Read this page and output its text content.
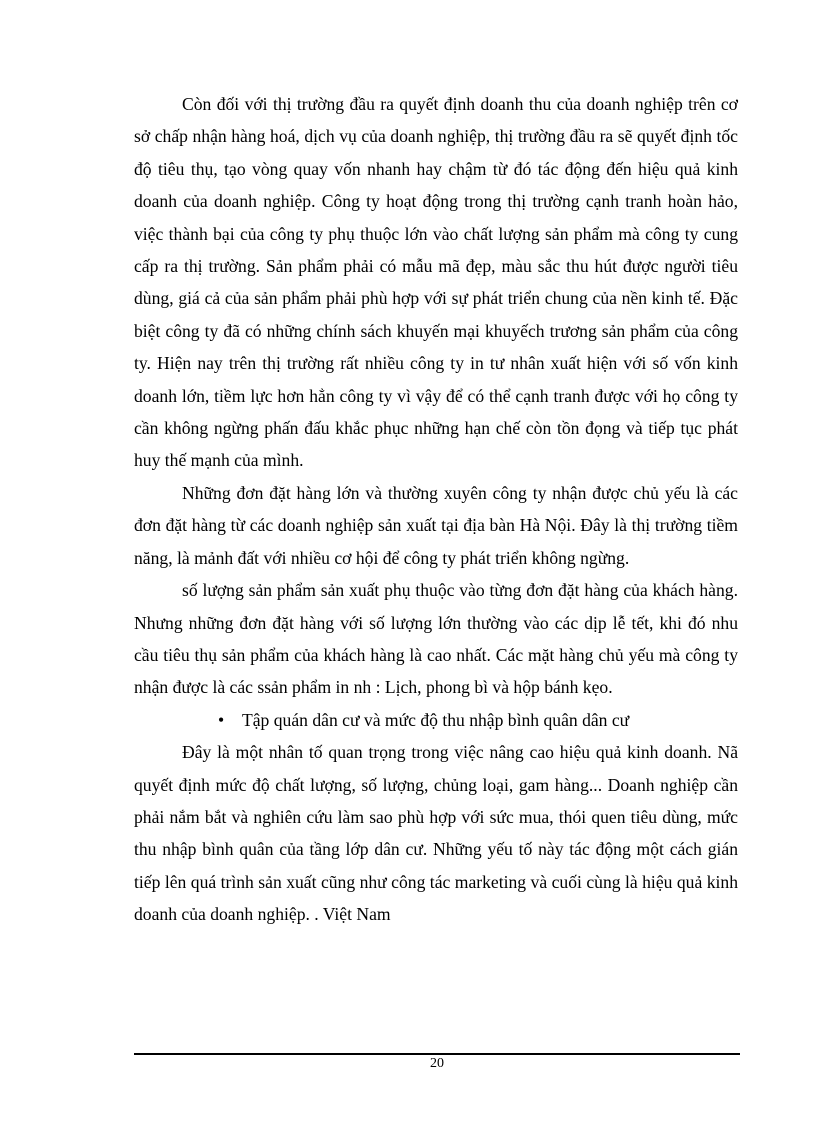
Còn đối với thị trường đầu ra quyết định doanh thu của doanh nghiệp trên cơ sở chấp nhận hàng hoá, dịch vụ của doanh nghiệp, thị trường đầu ra sẽ quyết định tốc độ tiêu thụ, tạo vòng quay vốn nhanh hay chậm từ đó tác động đến hiệu quả kinh doanh của doanh nghiệp. Công ty hoạt động trong thị trường cạnh tranh hoàn hảo, việc thành bại của công ty phụ thuộc lớn vào chất lượng sản phẩm mà công ty cung cấp ra thị trường. Sản phẩm phải có mẫu mã đẹp, màu sắc thu hút được người tiêu dùng, giá cả của sản phẩm phải phù hợp với sự phát triển chung của nền kinh tế. Đặc biệt công ty đã có những chính sách khuyến mại khuyếch trương sản phẩm của công ty. Hiện nay trên thị trường rất nhiều công ty in tư nhân xuất hiện với số vốn kinh doanh lớn, tiềm lực hơn hẳn công ty vì vậy để có thể cạnh tranh được với họ công ty cần không ngừng phấn đấu khắc phục những hạn chế còn tồn đọng và tiếp tục phát huy thế mạnh của mình.

Những đơn đặt hàng lớn và thường xuyên công ty nhận được chủ yếu là các đơn đặt hàng từ các doanh nghiệp sản xuất tại địa bàn Hà Nội. Đây là thị trường tiềm năng, là mảnh đất với nhiều cơ hội để công ty phát triển không ngừng.

số lượng sản phẩm sản xuất phụ thuộc vào từng đơn đặt hàng của khách hàng. Nhưng những đơn đặt hàng với số lượng lớn thường vào các dịp lễ tết, khi đó nhu cầu tiêu thụ sản phẩm của khách hàng là cao nhất. Các mặt hàng chủ yếu mà công ty nhận được là các ssản phẩm in nh : Lịch, phong bì và hộp bánh kẹo.

•	Tập quán dân cư và mức độ thu nhập bình quân dân cư

Đây là một nhân tố quan trọng trong việc nâng cao hiệu quả kinh doanh. Nã quyết định mức độ chất lượng, số lượng, chủng loại, gam hàng... Doanh nghiệp cần phải nắm bắt và nghiên cứu làm sao phù hợp với sức mua, thói quen tiêu dùng, mức thu nhập bình quân của tầng lớp dân cư. Những yếu tố này tác động một cách gián tiếp lên quá trình sản xuất cũng như công tác marketing và cuối cùng là hiệu quả kinh doanh của doanh nghiệp. . Việt Nam

20
